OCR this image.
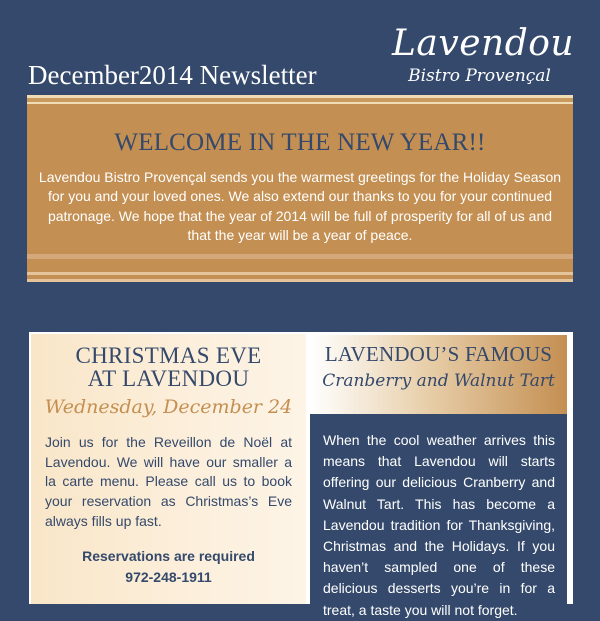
Lavendou
Bistro Provençal
December2014 Newsletter
WELCOME IN THE NEW YEAR!!
Lavendou Bistro Provençal sends you the warmest greetings for the Holiday Season for you and your loved ones. We also extend our thanks to you for your continued patronage. We hope that the year of 2014 will be full of prosperity for all of us and that the year will be a year of peace.
CHRISTMAS EVE
AT LAVENDOU
Wednesday, December 24
Join us for the Reveillon de Noël at Lavendou. We will have our smaller a la carte menu. Please call us to book your reservation as Christmas’s Eve always fills up fast.
Reservations are required
972-248-1911
LAVENDOU’S FAMOUS
Cranberry and Walnut Tart
When the cool weather arrives this means that Lavendou will starts offering our delicious Cranberry and Walnut Tart. This has become a Lavendou tradition for Thanksgiving, Christmas and the Holidays. If you haven’t sampled one of these delicious desserts you’re in for a treat, a taste you will not forget.
